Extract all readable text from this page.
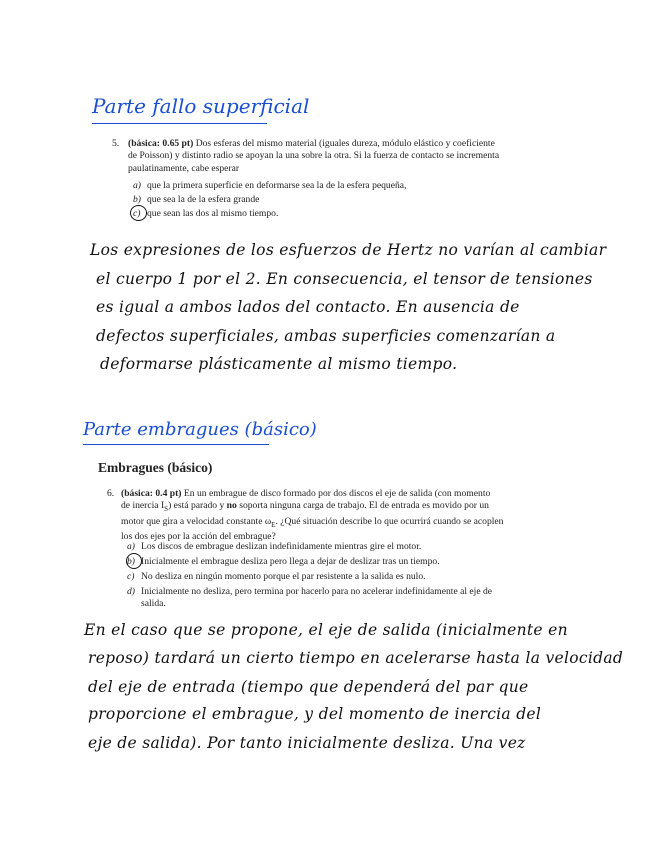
Parte fallo superficial
5. (básica: 0.65 pt) Dos esferas del mismo material (iguales dureza, módulo elástico y coeficiente
de Poisson) y distinto radio se apoyan la una sobre la otra. Si la fuerza de contacto se incrementa
paulatinamente, cabe esperar
a) que la primera superficie en deformarse sea la de la esfera pequeña,
b) que sea la de la esfera grande
c) que sean las dos al mismo tiempo.
Los expresiones de los esfuerzos de Hertz no varían al cambiar
el cuerpo 1 por el 2. En consecuencia, el tensor de tensiones
es igual a ambos lados del contacto. En ausencia de
defectos superficiales, ambas superficies comenzarían a
deformarse plásticamente al mismo tiempo.
Parte embragues (básico)
Embragues (básico)
6. (básica: 0.4 pt) En un embrague de disco formado por dos discos el eje de salida (con momento
de inercia $I_S$) está parado y no soporta ninguna carga de trabajo. El de entrada es movido por un
motor que gira a velocidad constante $\omega_E$. ¿Qué situación describe lo que ocurrirá cuando se acoplen
los dos ejes por la acción del embrague?
a) Los discos de embrague deslizan indefinidamente mientras gire el motor.
b) Inicialmente el embrague desliza pero llega a dejar de deslizar tras un tiempo.
c) No desliza en ningún momento porque el par resistente a la salida es nulo.
d) Inicialmente no desliza, pero termina por hacerlo para no acelerar indefinidamente al eje de
salida.
En el caso que se propone, el eje de salida (inicialmente en
reposo) tardará un cierto tiempo en acelerarse hasta la velocidad
del eje de entrada (tiempo que dependerá del par que
proporcione el embrague, y del momento de inercia del
eje de salida). Por tanto inicialmente desliza. Una vez
